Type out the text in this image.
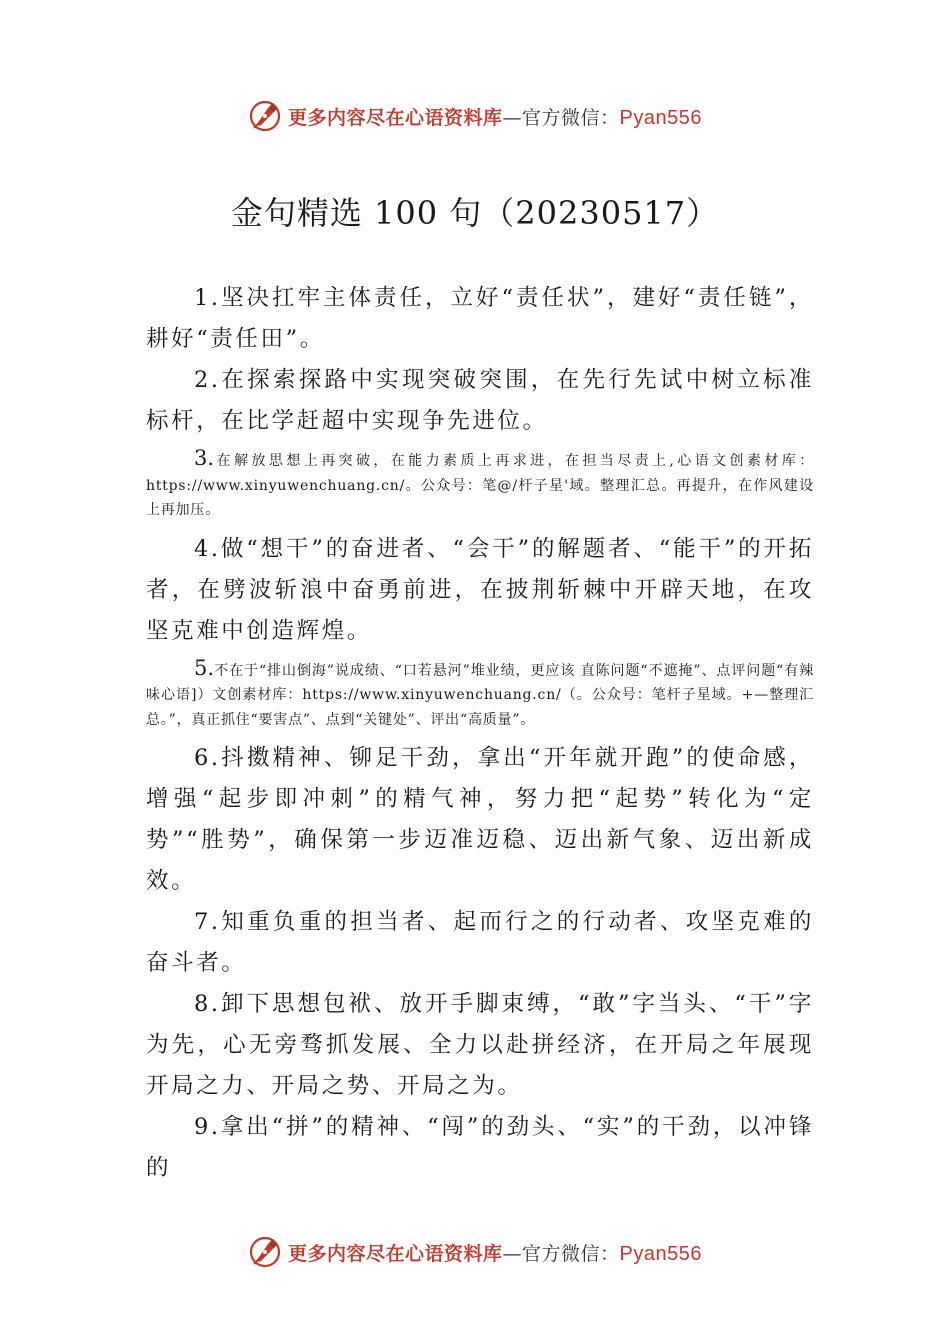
更多内容尽在心语资料库—官方微信：Pyan556
金句精选 100 句（20230517）

1.坚决扛牢主体责任，立好“责任状”，建好“责任链”，耕好“责任田”。

2.在探索探路中实现突破突围，在先行先试中树立标准标杆，在比学赶超中实现争先进位。

3.在解放思想上再突破，在能力素质上再求进，在担当尽责上,心语文创素材库：https://www.xinyuwenchuang.cn/。公众号：笔@/杆子星'域。整理汇总。再提升，在作风建设上再加压。

4.做“想干”的奋进者、“会干”的解题者、“能干”的开拓者，在劈波斩浪中奋勇前进，在披荆斩棘中开辟天地，在攻坚克难中创造辉煌。

5.不在于“排山倒海”说成绩、“口若悬河”堆业绩，更应该 直陈问题“不遮掩”、点评问题“有辣味心语]）文创素材库：https://www.xinyuwenchuang.cn/（。公众号：笔杆子星域。+—整理汇总。”，真正抓住“要害点”、点到“关键处”、评出“高质量”。

6.抖擞精神、铆足干劲，拿出“开年就开跑”的使命感，增强“起步即冲刺”的精气神，努力把“起势”转化为“定势”“胜势”，确保第一步迈准迈稳、迈出新气象、迈出新成效。

7.知重负重的担当者、起而行之的行动者、攻坚克难的奋斗者。

8.卸下思想包袱、放开手脚束缚，“敢”字当头、“干”字为先，心无旁骛抓发展、全力以赴拼经济，在开局之年展现开局之力、开局之势、开局之为。

9.拿出“拼”的精神、“闯”的劲头、“实”的干劲，以冲锋的

更多内容尽在心语资料库—官方微信：Pyan556
